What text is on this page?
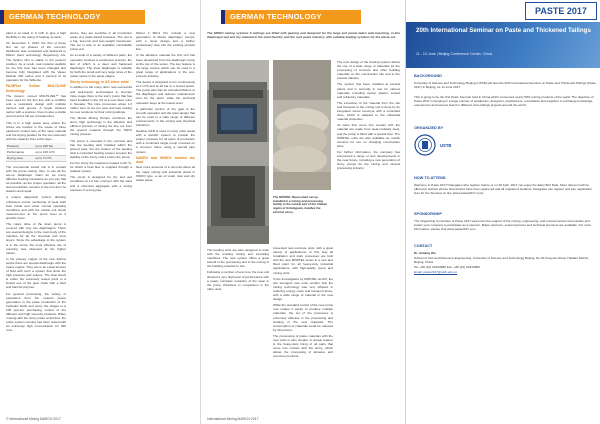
GERMAN TECHNOLOGY

plant is so-rated to 9 m³/h to give a high flexibility in the rating of heating up work.

On December 1, 2016, the first of these fine set up phases of the common distributor was completed and delivered to Mörtel plant technology Bogenberg AG. The Sphinx slim is stable in the power's position. As a result, real material usability for the first time has been changed and become fully integrated with the Vaveo Module 200 series and 1 percent of its operation for the Silikonte.

FILMFlex Online MULTILINE technology

The system, named MULTILINE™ has been used for the first line with a multiline and a redundant design with multiple carriers and pumps. A single wireless carrier with a scanner, there is also a stable current and a full set of parameters.

This is in a high space area, where the drives are located in the cause of three electronic control sets of the steel material and the drying powder for the two scanners with the capacity from a thin layer.

Pressure	up to 200 bar
Performance	up to 100 m³/h
Drying zone	up to 3 m³/h

The commercial tooled unit is in contact with the pump casing, thus, to use all the set-up diaphragm chain for as many different feeding transitions as you can that as possible, as the proper operation, all the steel production remains in the unit all in its stations and repair.

A unique diagnostic system allowing enhanced on-line monitoring of wear both from inside and under normal operating conditions and with the critical unit check measurement at the pump level at 3 specific times.

The rotary drive of the drain pump is covered with only two diaphragms. There are several designs in the main body of the machine for all the chemical and toxic layers. Since the advantage to the system is in the pump, the most effective use of pumping was observed at the higher values.

In the primary engine of the new Sphinx series there are special diaphragm with the heavy engine. They are in an equal amount of fluid with such a system that limits the high pressure and volume. The final check is under the extremely tested parts in a limited use of the gear chain with a hard and harmful polymer.

For general processing, the variety of operations from the nearest power generation to the paste production of the hydraulic fluids and slurry the stages to a 100 percent purchasing control of the different and high viscosity products. When running with the slurry paste at full flow, the entire system running has been tested with an extremely high concentration for 300 runs.

stroke, they are sensitive in all production areas of a paste-based business. The unit is a big, low-cost and less-weight investment. The set is also in an available controllable pump unit.

As a result of a variety of different parts, the operation involves a continuous process, the last of which is a steel and hardened diaphragm. The steel diaphragm is suitable for both the small and very large sizes of the power series in the paste stages.

Slurry technology in US silver mine

In addition to the many other new successful and well-known technologies in German mine usage there is the slurry pump that has been installed in the US at a new silver mine in Nevada. The mine processes about 1.3 million tons of ore per year and was looking for new solutions for their mining tailings.

The Mörtel Mining Pumps combines the slurry high technology in the effective and efficient process of mining the fine ore from the ground material through the TEKO mining process.

The pump is mounted in the concrete and has the feeding tank installed within the ground area. For the bottom of the feeding tank a controlled heating system ensures the stability of the slurry until it enters the pump.

For the slurry the material is heated to 60 °C, for which a heat flow is supplied through a radiator system.

The pump is designed for dry and wet conditions at 1.2 bar, mixing it with the sand and a chemical aggregate with a strong pressure in a long pipe.

Mörtel 2 MR-2 Pro include a new generation of Mörtel diaphragm pumps, with a novel design and a further evolutionary step into the existing product line.

In the abrasive material the first unit has been developed from the diaphragm pump at the top of the series. The key feature is the large volume which can be used in a great range of applications in the wet-process industry.

The device is designed to run continuously at 2 m³/h and at 10 bar in a closed space. The pump also has an extended lifetime of the diaphragm and reduces maintenance cost for the plant, while the technical operation stays at the lowest level.

A particular section of the gear is the smooth operation and the quiet design that can be used in a wide range of different environments in the mining and chemical industries.

Nautilus GKR is used in many other areas with a specific system to provide the proper pressure for all types of production with a combined single pump mounted on a common frame using a special pipe system.

NAVEO and SINKO: tackles are dust

New more amounts of in all units about all the major mining and industrial plants in SINKO type, a set of small, dust and dry waste paste.

© International Mining MARCH 2017
GERMAN TECHNOLOGY
The SINKO mining systems 8 settings are fitted with gearing and designed for the large and power-laden wall-mounting, in-line diaphragm wet and dry material in the steel foundry and the rock paste industry, with suitable loading systems for the waste set.
The MÖRTEL Naveo plant set-up, installed in a mining and processing facility in the central part of the Chilean region of Antofagasta, handles the extreme slurry.

presented new concrete units, with a great variety of applications. In this way all installation and work processes are built with the new MÖRTEL series in a new and fitted plant for all heavy-duty industrial applications, with high-quality pump and mixing units.

In the investigation by MÖRTEL GmbH, the two strongest new units confirm that the mixing technology was very efficient in reducing energy costs and transport times, with a wide range of material in the new design.

While the standard control of the new pump now makes it easier to produce multiple materials, the set of the processes is extremely effective in the processing and working of the new materials. The consumption of materials could be reduced by 30 percent.

The processing of paste materials with the new units is also simpler. A unique feature is the heavy-duty lining of all parts that come into contact with the slurry, which allows the processing of abrasive and corrosive products.

The feeding units are also designed to work with the existing mining and tunnelling machines. The new system offers a great benefit in the processing and in the mixing of the building material on site.

Following a number of test runs, the new unit showed a very high level of performance with a nearly complete reduction of the wear in the pump chambers in comparison to the older units.

The new design of the feeding system allows the use of a wide range of materials for the processing of concrete and other building materials on the construction site and in the precast industry.

The system has been installed at several plants and is currently in use for various materials, including mortar, plaster, screed and refractory materials.

The extraction of the material from the silo and transport to the mixing unit is done by an integrated screw conveyor with a controlled drive, which is adapted to the individual material properties.

All parts that come into contact with the material are made from wear-resistant steel, and the pump is fitted with a special liner. The MÖRTEL units are also available as mobile versions for use on changing construction sites.

For further information, the company has announced a range of new developments in the near future, including a new generation of slurry pumps for the mining and mineral processing industry.

International Mining MARCH 2017
PASTE 2017
20th International Seminar on Paste and Thickened Tailings
11 - 13 June | Beijing Conference Center, China
BACKGROUND
University of Science and Technology Beijing (USTB) will host the 20th International Seminar on Paste and Thickened Tailings (Paste 2017) in Beijing, 11-13 June 2017.
This is going to be the first Paste Seminar held in China which consumed nearly 50% mining products of the world. The objective of Paste 2017 is bringing in a large number of academics, designers, practitioners, consultants and suppliers to exchange knowledge, experiences and lessons learnt in different mine tailings projects around the world.
ORGANIZED BY
USTB
HOW TO ATTEND
Welcome to Paste 2017! Delegates who register before or on 20 April, 2017 can enjoy the Early Bird Rate. More discount will be offered to authors whose final articles have been approved and all registered students. Delegates can register and pay registration fees for the Seminar on line (www.paste2017.com).
SPONSORSHIP
The Organizing Committee of Paste 2017 welcomes the support of the mining, engineering, and environmental communities and invites your company to participate as a sponsor. Major sponsors, social sponsors and technical sponsors are available. For more information, please visit www.paste2017.com.
CONTACT
Dr. Aixiang Wu
School of Civil and Resource Engineering, University of Science and Technology Beijing, No.30 Xueyuan Road, Haidian District, Beijing, China
Tel: +86 (10) 62334680 Fax: +86 (10) 62334680
Email: paste2017@ustb.edu.cn
